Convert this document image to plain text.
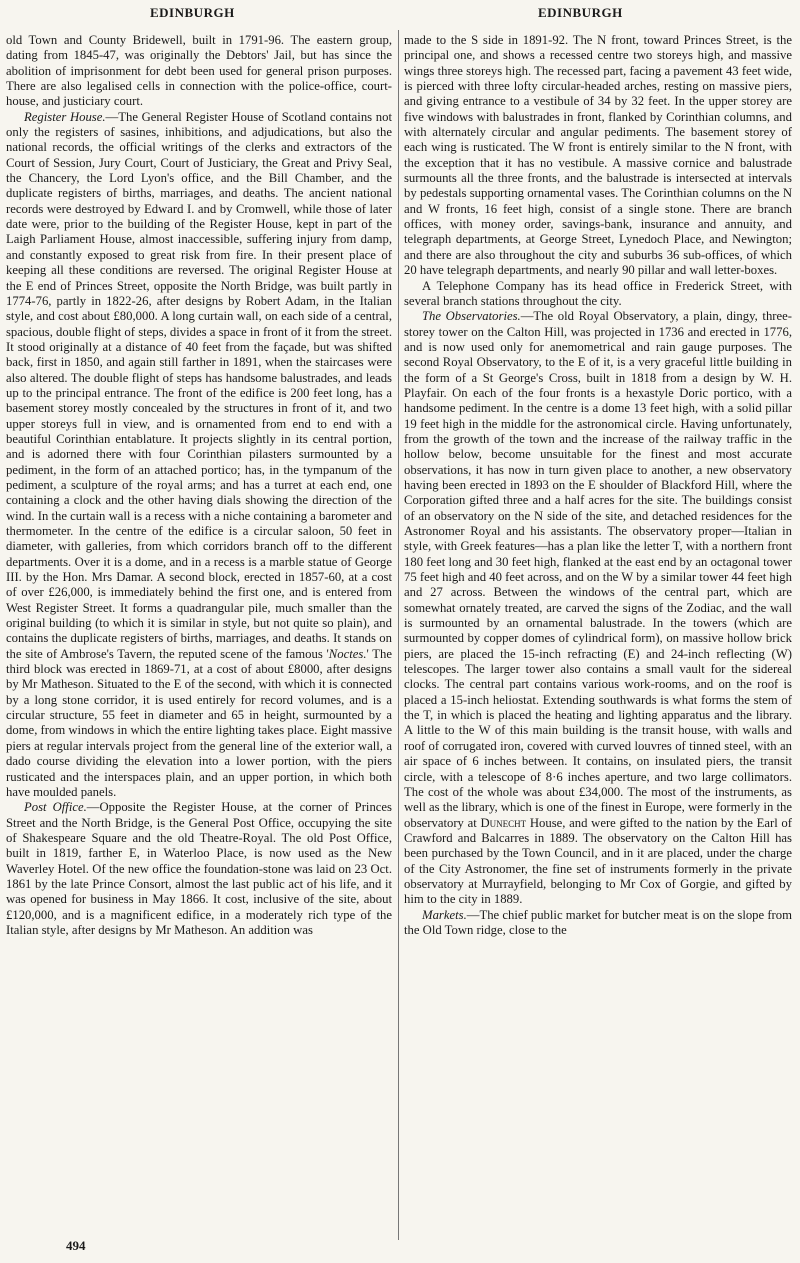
EDINBURGH	EDINBURGH

old Town and County Bridewell, built in 1791-96. The eastern group, dating from 1845-47, was originally the Debtors' Jail, but has since the abolition of imprisonment for debt been used for general prison purposes. There are also legalised cells in connection with the police-office, court-house, and justiciary court.

Register House.—The General Register House of Scotland contains not only the registers of sasines, inhibitions, and adjudications, but also the national records, the official writings of the clerks and extractors of the Court of Session, Jury Court, Court of Justiciary, the Great and Privy Seal, the Chancery, the Lord Lyon's office, and the Bill Chamber, and the duplicate registers of births, marriages, and deaths. The ancient national records were destroyed by Edward I. and by Cromwell, while those of later date were, prior to the building of the Register House, kept in part of the Laigh Parliament House, almost inaccessible, suffering injury from damp, and constantly exposed to great risk from fire. In their present place of keeping all these conditions are reversed. The original Register House at the E end of Princes Street, opposite the North Bridge, was built partly in 1774-76, partly in 1822-26, after designs by Robert Adam, in the Italian style, and cost about £80,000. A long curtain wall, on each side of a central, spacious, double flight of steps, divides a space in front of it from the street. It stood originally at a distance of 40 feet from the façade, but was shifted back, first in 1850, and again still farther in 1891, when the staircases were also altered. The double flight of steps has handsome balustrades, and leads up to the principal entrance. The front of the edifice is 200 feet long, has a basement storey mostly concealed by the structures in front of it, and two upper storeys full in view, and is ornamented from end to end with a beautiful Corinthian entablature. It projects slightly in its central portion, and is adorned there with four Corinthian pilasters surmounted by a pediment, in the form of an attached portico; has, in the tympanum of the pediment, a sculpture of the royal arms; and has a turret at each end, one containing a clock and the other having dials showing the direction of the wind. In the curtain wall is a recess with a niche containing a barometer and thermometer. In the centre of the edifice is a circular saloon, 50 feet in diameter, with galleries, from which corridors branch off to the different departments. Over it is a dome, and in a recess is a marble statue of George III. by the Hon. Mrs Damar. A second block, erected in 1857-60, at a cost of over £26,000, is immediately behind the first one, and is entered from West Register Street. It forms a quadrangular pile, much smaller than the original building (to which it is similar in style, but not quite so plain), and contains the duplicate registers of births, marriages, and deaths. It stands on the site of Ambrose's Tavern, the reputed scene of the famous 'Noctes.' The third block was erected in 1869-71, at a cost of about £8000, after designs by Mr Matheson. Situated to the E of the second, with which it is connected by a long stone corridor, it is used entirely for record volumes, and is a circular structure, 55 feet in diameter and 65 in height, surmounted by a dome, from windows in which the entire lighting takes place. Eight massive piers at regular intervals project from the general line of the exterior wall, a dado course dividing the elevation into a lower portion, with the piers rusticated and the interspaces plain, and an upper portion, in which both have moulded panels.

Post Office.—Opposite the Register House, at the corner of Princes Street and the North Bridge, is the General Post Office, occupying the site of Shakespeare Square and the old Theatre-Royal. The old Post Office, built in 1819, farther E, in Waterloo Place, is now used as the New Waverley Hotel. Of the new office the foundation-stone was laid on 23 Oct. 1861 by the late Prince Consort, almost the last public act of his life, and it was opened for business in May 1866. It cost, inclusive of the site, about £120,000, and is a magnificent edifice, in a moderately rich type of the Italian style, after designs by Mr Matheson. An addition was

made to the S side in 1891-92. The N front, toward Princes Street, is the principal one, and shows a recessed centre two storeys high, and massive wings three storeys high. The recessed part, facing a pavement 43 feet wide, is pierced with three lofty circular-headed arches, resting on massive piers, and giving entrance to a vestibule of 34 by 32 feet. In the upper storey are five windows with balustrades in front, flanked by Corinthian columns, and with alternately circular and angular pediments. The basement storey of each wing is rusticated. The W front is entirely similar to the N front, with the exception that it has no vestibule. A massive cornice and balustrade surmounts all the three fronts, and the balustrade is intersected at intervals by pedestals supporting ornamental vases. The Corinthian columns on the N and W fronts, 16 feet high, consist of a single stone. There are branch offices, with money order, savings-bank, insurance and annuity, and telegraph departments, at George Street, Lynedoch Place, and Newington; and there are also throughout the city and suburbs 36 sub-offices, of which 20 have telegraph departments, and nearly 90 pillar and wall letter-boxes.

A Telephone Company has its head office in Frederick Street, with several branch stations throughout the city.

The Observatories.—The old Royal Observatory, a plain, dingy, three-storey tower on the Calton Hill, was projected in 1736 and erected in 1776, and is now used only for anemometrical and rain gauge purposes. The second Royal Observatory, to the E of it, is a very graceful little building in the form of a St George's Cross, built in 1818 from a design by W. H. Playfair. On each of the four fronts is a hexastyle Doric portico, with a handsome pediment. In the centre is a dome 13 feet high, with a solid pillar 19 feet high in the middle for the astronomical circle. Having unfortunately, from the growth of the town and the increase of the railway traffic in the hollow below, become unsuitable for the finest and most accurate observations, it has now in turn given place to another, a new observatory having been erected in 1893 on the E shoulder of Blackford Hill, where the Corporation gifted three and a half acres for the site. The buildings consist of an observatory on the N side of the site, and detached residences for the Astronomer Royal and his assistants. The observatory proper—Italian in style, with Greek features—has a plan like the letter T, with a northern front 180 feet long and 30 feet high, flanked at the east end by an octagonal tower 75 feet high and 40 feet across, and on the W by a similar tower 44 feet high and 27 across. Between the windows of the central part, which are somewhat ornately treated, are carved the signs of the Zodiac, and the wall is surmounted by an ornamental balustrade. In the towers (which are surmounted by copper domes of cylindrical form), on massive hollow brick piers, are placed the 15-inch refracting (E) and 24-inch reflecting (W) telescopes. The larger tower also contains a small vault for the sidereal clocks. The central part contains various work-rooms, and on the roof is placed a 15-inch heliostat. Extending southwards is what forms the stem of the T, in which is placed the heating and lighting apparatus and the library. A little to the W of this main building is the transit house, with walls and roof of corrugated iron, covered with curved louvres of tinned steel, with an air space of 6 inches between. It contains, on insulated piers, the transit circle, with a telescope of 8·6 inches aperture, and two large collimators. The cost of the whole was about £34,000. The most of the instruments, as well as the library, which is one of the finest in Europe, were formerly in the observatory at Dunecht House, and were gifted to the nation by the Earl of Crawford and Balcarres in 1889. The observatory on the Calton Hill has been purchased by the Town Council, and in it are placed, under the charge of the City Astronomer, the fine set of instruments formerly in the private observatory at Murrayfield, belonging to Mr Cox of Gorgie, and gifted by him to the city in 1889.

Markets.—The chief public market for butcher meat is on the slope from the Old Town ridge, close to the

494
